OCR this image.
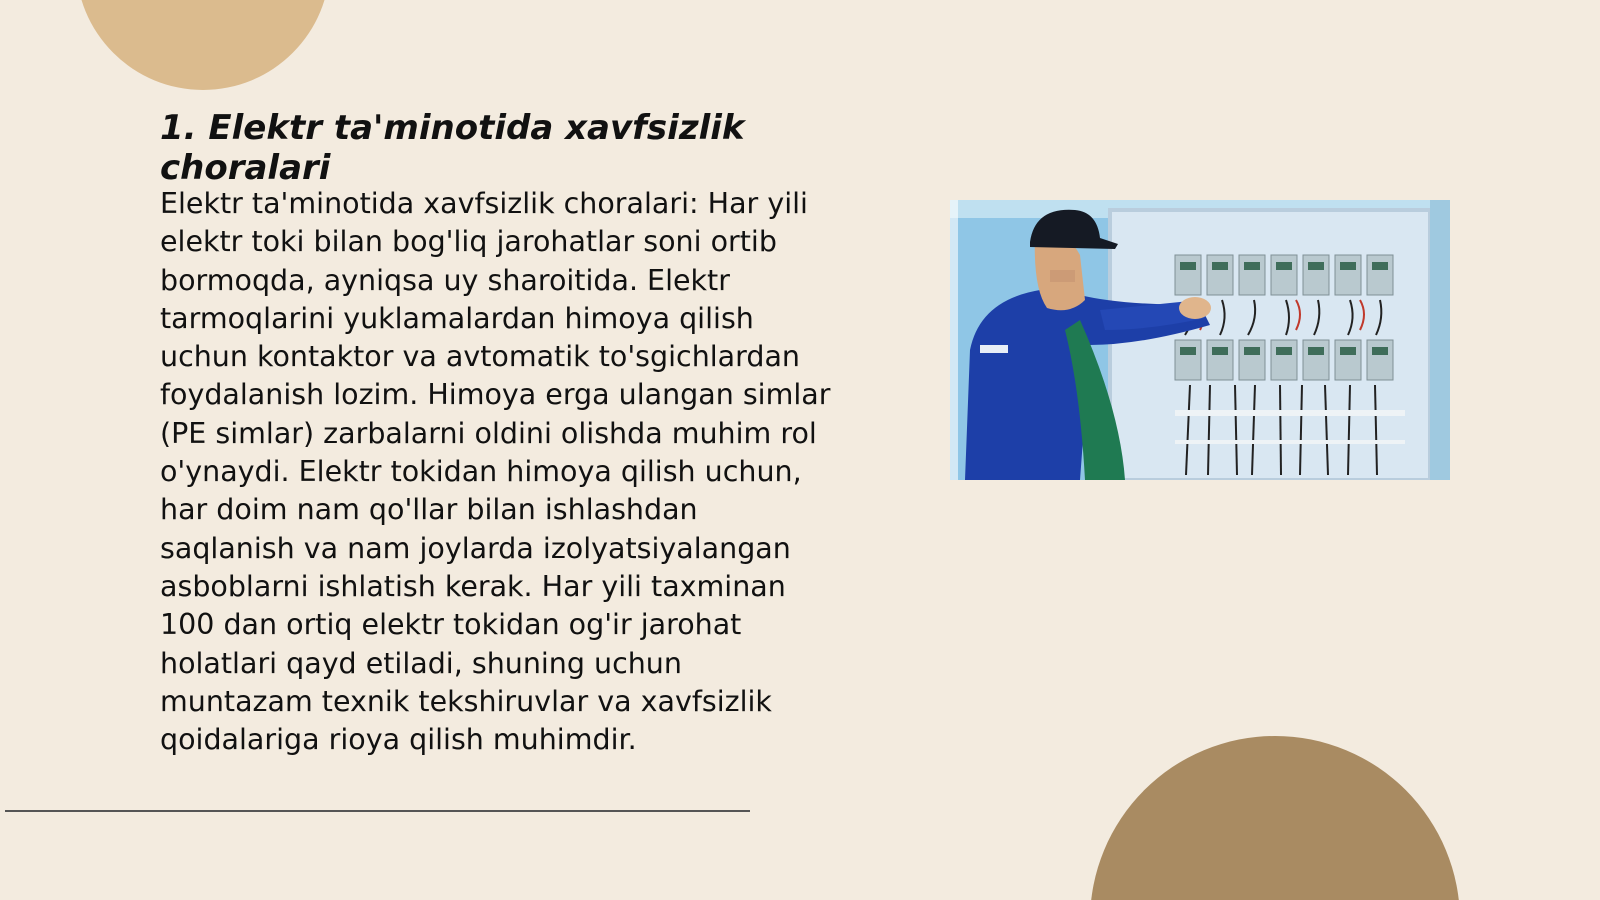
1. Elektr ta'minotida xavfsizlik choralari

Elektr ta'minotida xavfsizlik choralari: Har yili elektr toki bilan bog'liq jarohatlar soni ortib bormoqda, ayniqsa uy sharoitida. Elektr tarmoqlarini yuklamalardan himoya qilish uchun kontaktor va avtomatik to'sgichlardan foydalanish lozim. Himoya erga ulangan simlar (PE simlar) zarbalarni oldini olishda muhim rol o'ynaydi. Elektr tokidan himoya qilish uchun, har doim nam qo'llar bilan ishlashdan saqlanish va nam joylarda izolyatsiyalangan asboblarni ishlatish kerak. Har yili taxminan 100 dan ortiq elektr tokidan og'ir jarohat holatlari qayd etiladi, shuning uchun muntazam texnik tekshiruvlar va xavfsizlik qoidalariga rioya qilish muhimdir.
